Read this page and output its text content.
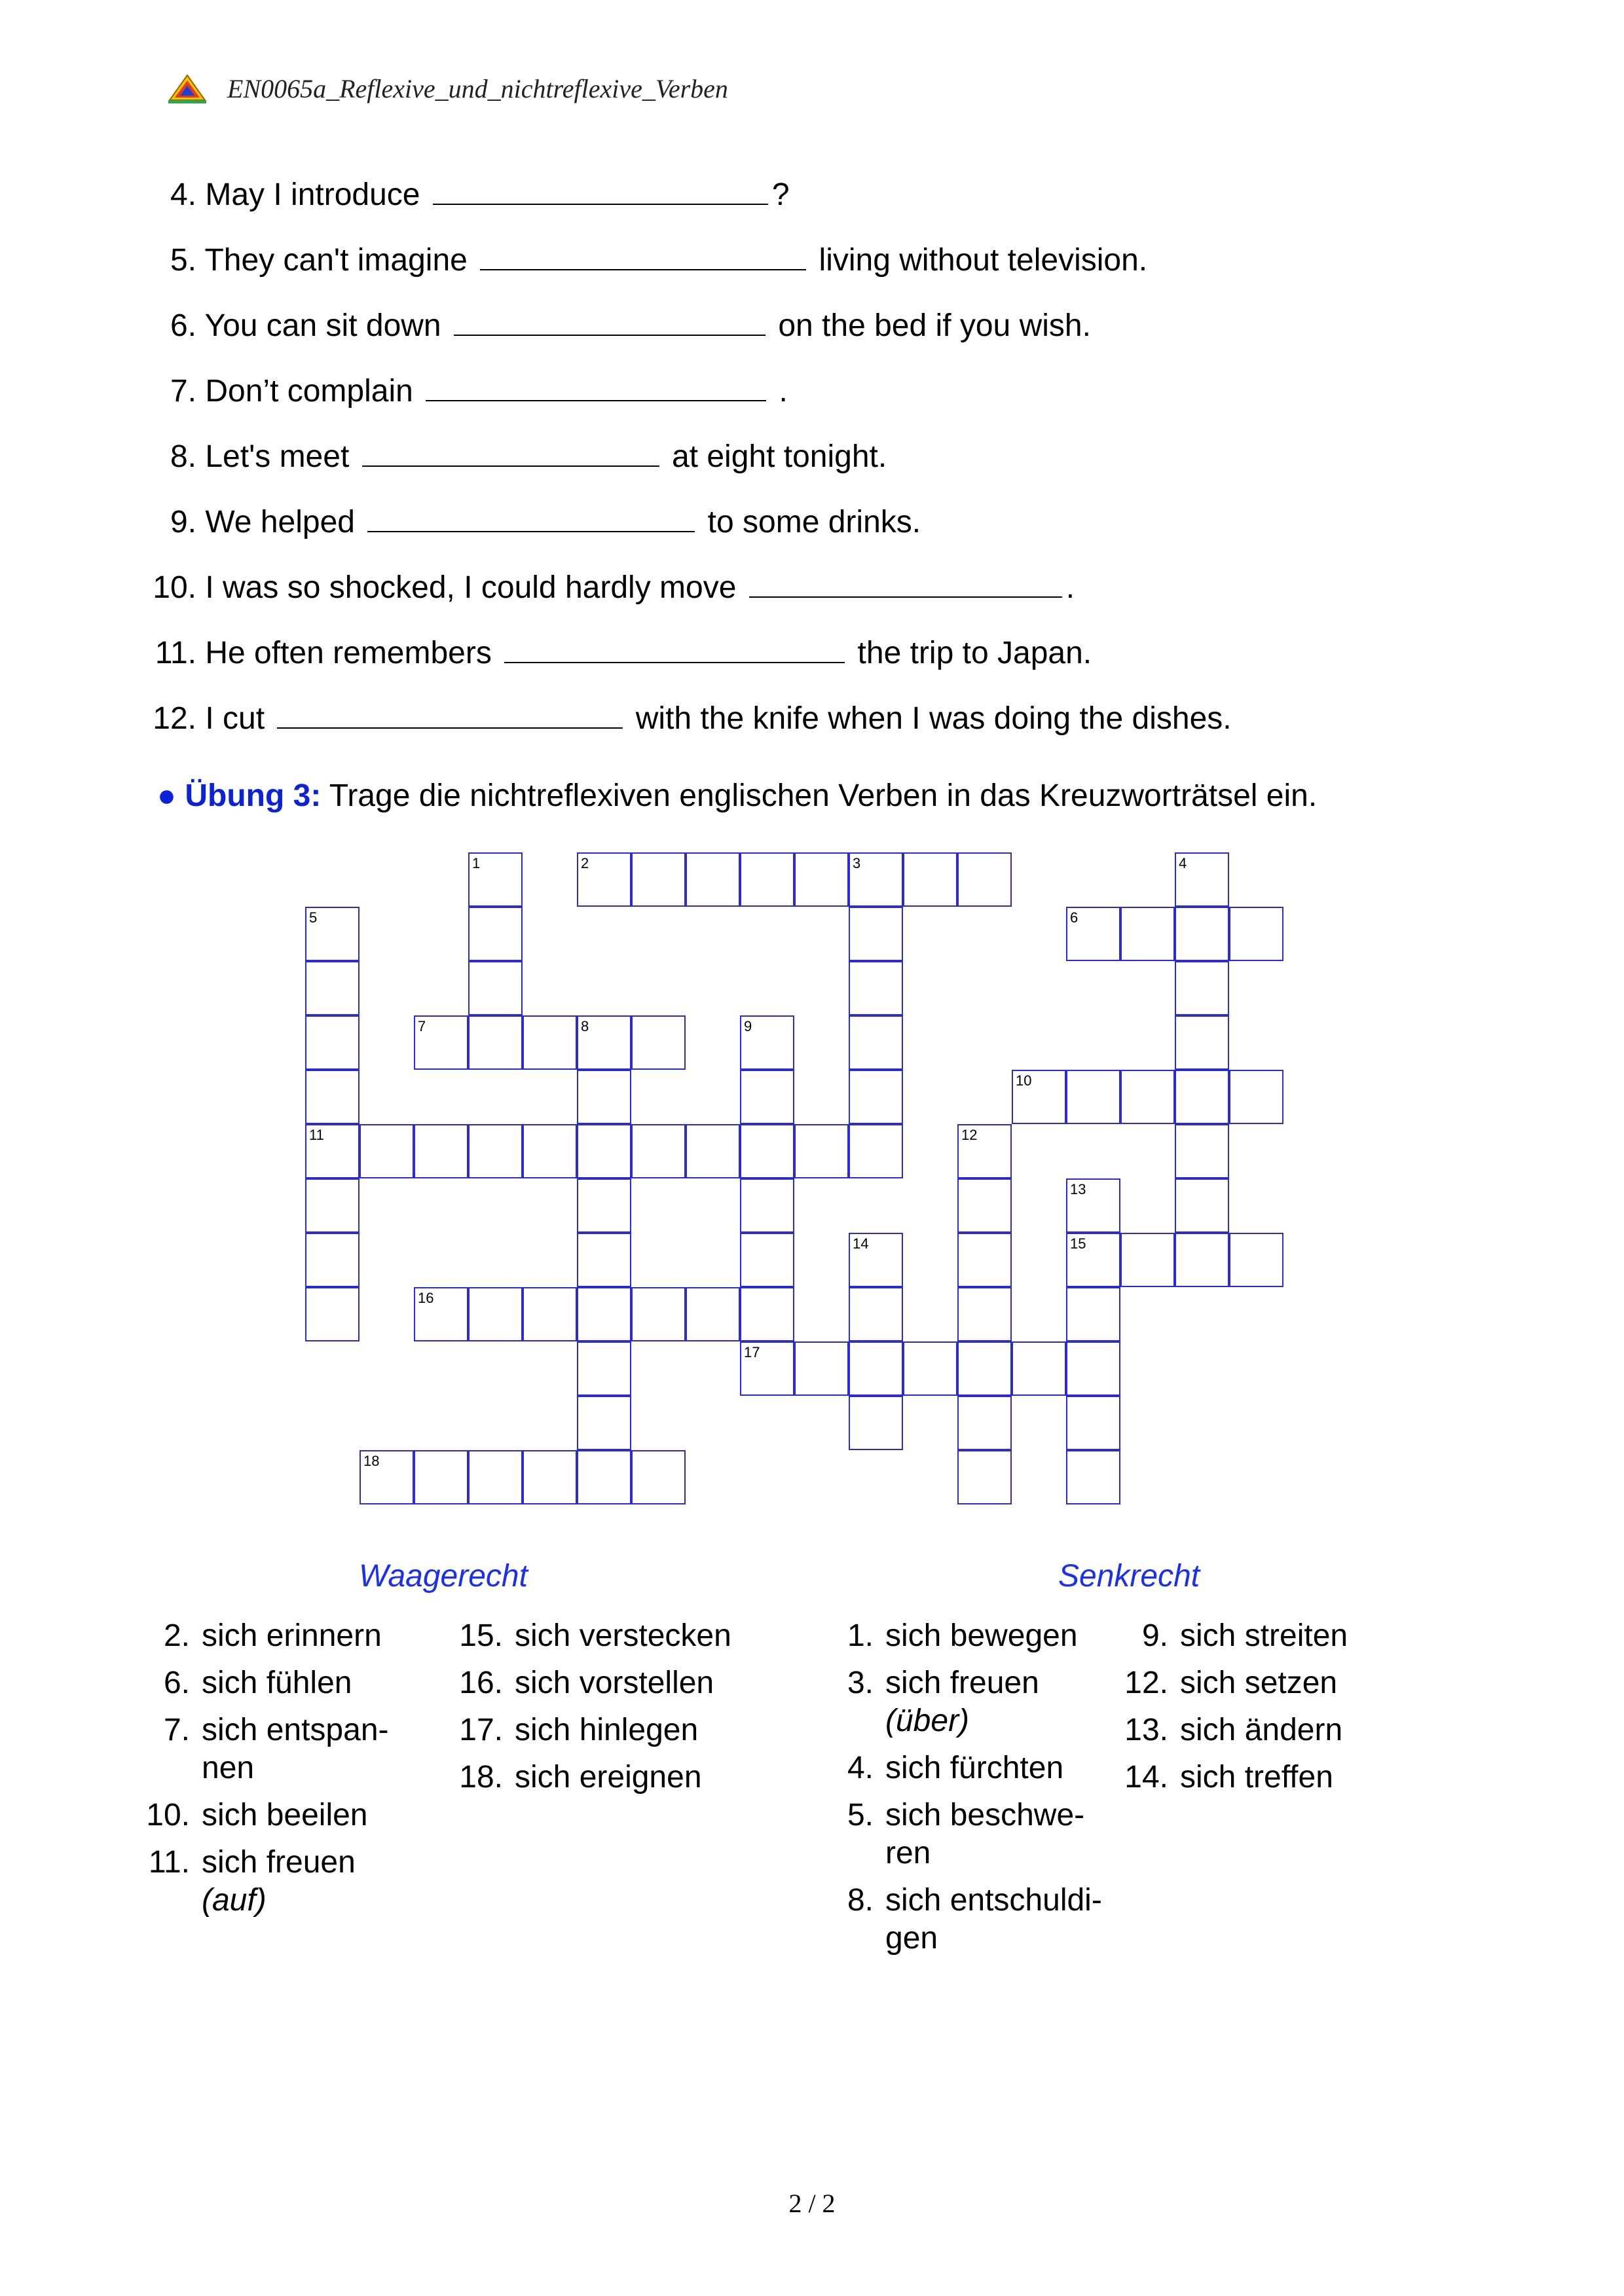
EN0065a_Reflexive_und_nichtreflexive_Verben
4. May I introduce	?
5. They can't imagine	living without television.
6. You can sit down	on the bed if you wish.
7. Don’t complain	.
8. Let's meet	at eight tonight.
9. We helped	to some drinks.
10. I was so shocked, I could hardly move	.
11. He often remembers	the trip to Japan.
12. I cut	with the knife when I was doing the dishes.
● Übung 3: Trage die nichtreflexiven englischen Verben in das Kreuzworträtsel ein.
1	2	3	4
5
11
6
7	8	9
10
12
13
15
14
16
17
18
Waagerecht	Senkrecht
2. sich erinnern
6. sich fühlen
7. sich entspan-
nen
10. sich beeilen
11. sich freuen
(auf)
15. sich verstecken
16. sich vorstellen
17. sich hinlegen
18. sich ereignen
1. sich bewegen
3. sich freuen
(über)
4. sich fürchten
5. sich beschwe-
ren
8. sich entschuldi-
gen
9. sich streiten
12. sich setzen
13. sich ändern
14. sich treffen
2 / 2
